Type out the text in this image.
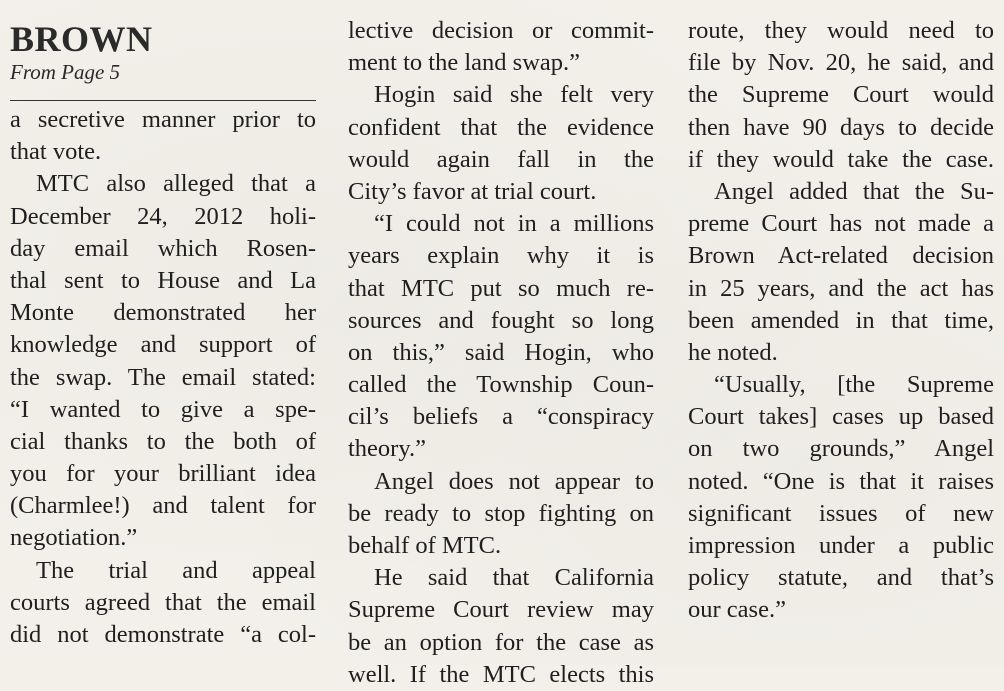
BROWN
From Page 5
a secretive manner prior to
that vote.
MTC also alleged that a
December 24, 2012 holi-
day email which Rosen-
thal sent to House and La
Monte demonstrated her
knowledge and support of
the swap. The email stated:
“I wanted to give a spe-
cial thanks to the both of
you for your brilliant idea
(Charmlee!) and talent for
negotiation.”
The trial and appeal
courts agreed that the email
did not demonstrate “a col-
lective decision or commit-
ment to the land swap.”
Hogin said she felt very
confident that the evidence
would again fall in the
City’s favor at trial court.
“I could not in a millions
years explain why it is
that MTC put so much re-
sources and fought so long
on this,” said Hogin, who
called the Township Coun-
cil’s beliefs a “conspiracy
theory.”
Angel does not appear to
be ready to stop fighting on
behalf of MTC.
He said that California
Supreme Court review may
be an option for the case as
well. If the MTC elects this
route, they would need to
file by Nov. 20, he said, and
the Supreme Court would
then have 90 days to decide
if they would take the case.
Angel added that the Su-
preme Court has not made a
Brown Act-related decision
in 25 years, and the act has
been amended in that time,
he noted.
“Usually, [the Supreme
Court takes] cases up based
on two grounds,” Angel
noted. “One is that it raises
significant issues of new
impression under a public
policy statute, and that’s
our case.”
